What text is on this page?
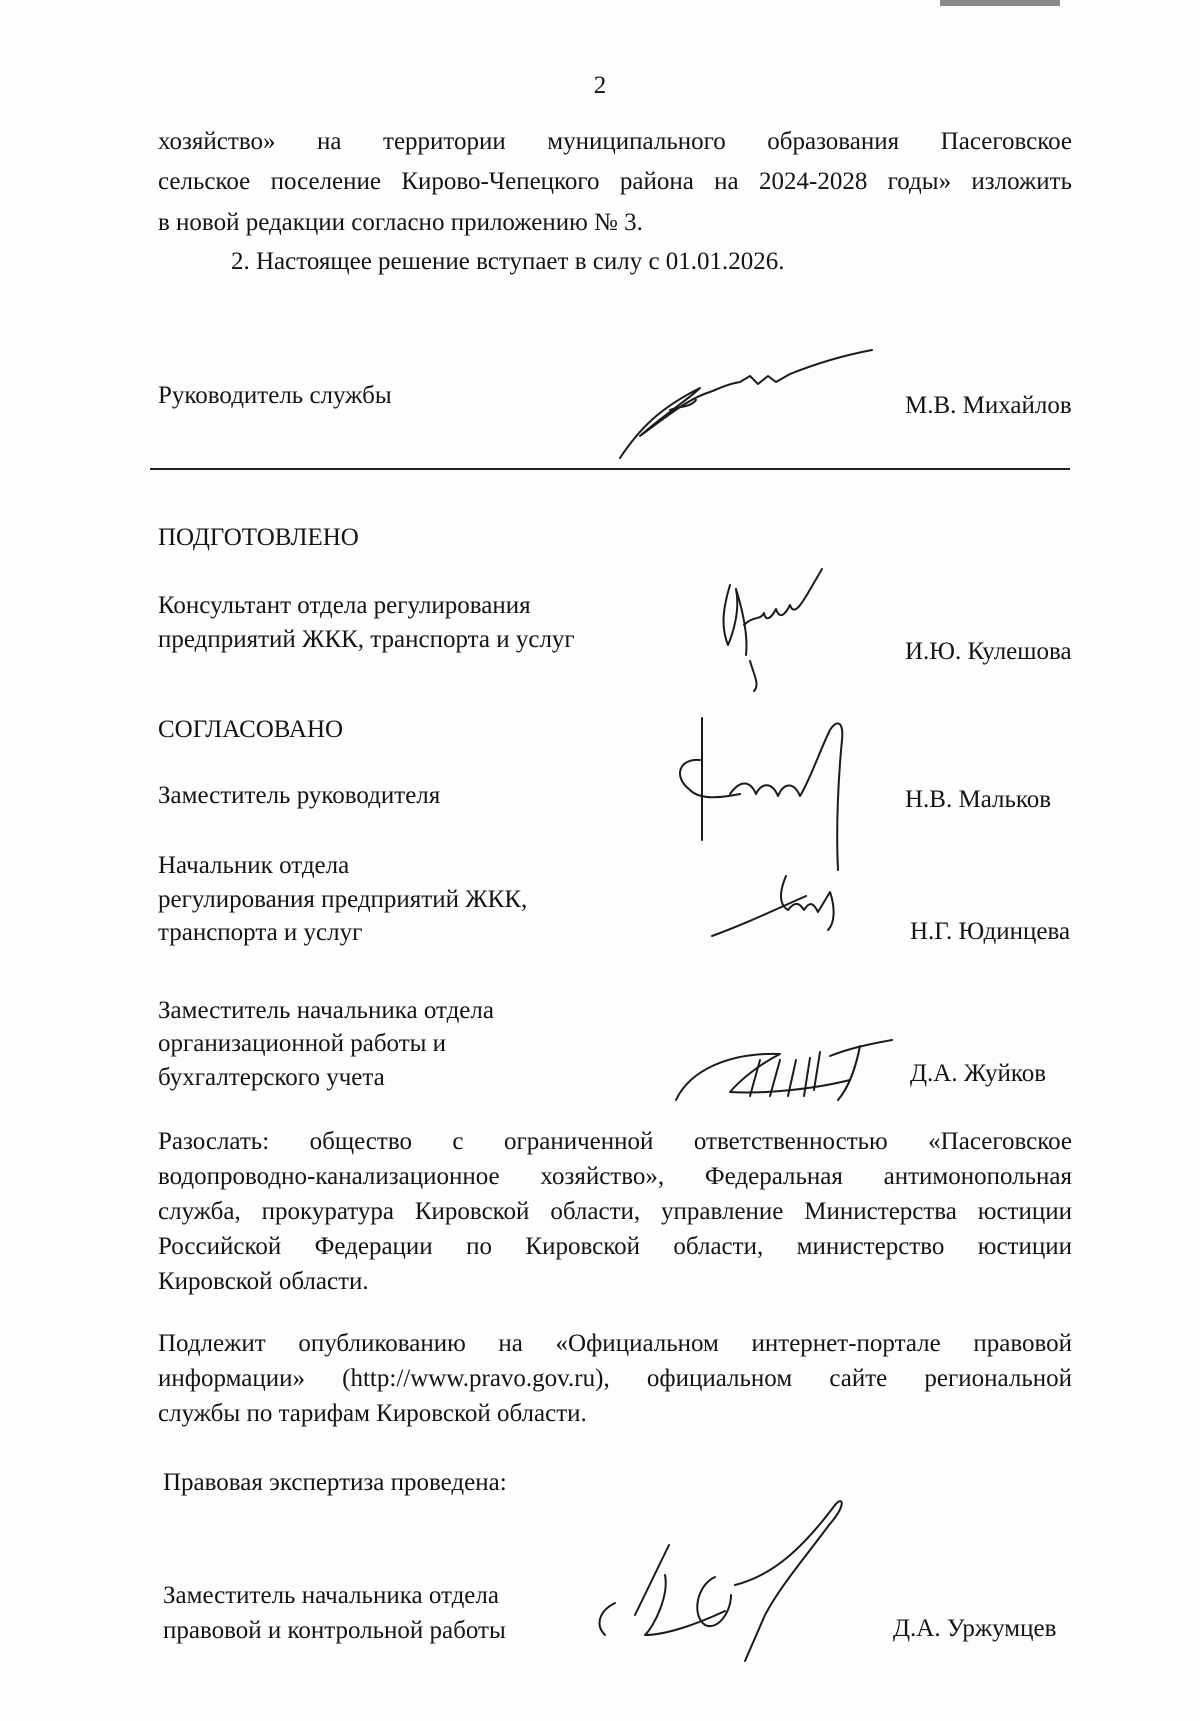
2
хозяйство» на территории муниципального образования Пасеговское
сельское поселение Кирово-Чепецкого района на 2024-2028 годы» изложить
в новой редакции согласно приложению № 3.
2. Настоящее решение вступает в силу с 01.01.2026.
Руководитель службы	М.В. Михайлов
ПОДГОТОВЛЕНО
Консультант отдела регулирования
предприятий ЖКК, транспорта и услуг	И.Ю. Кулешова
СОГЛАСОВАНО
Заместитель руководителя	Н.В. Мальков
Начальник отдела
регулирования предприятий ЖКК,
транспорта и услуг	Н.Г. Юдинцева
Заместитель начальника отдела
организационной работы и
бухгалтерского учета	Д.А. Жуйков
Разослать: общество с ограниченной ответственностью «Пасеговское
водопроводно-канализационное хозяйство», Федеральная антимонопольная
служба, прокуратура Кировской области, управление Министерства юстиции
Российской Федерации по Кировской области, министерство юстиции
Кировской области.
Подлежит опубликованию на «Официальном интернет-портале правовой
информации» (http://www.pravo.gov.ru), официальном сайте региональной
службы по тарифам Кировской области.
Правовая экспертиза проведена:
Заместитель начальника отдела
правовой и контрольной работы	Д.А. Уржумцев
